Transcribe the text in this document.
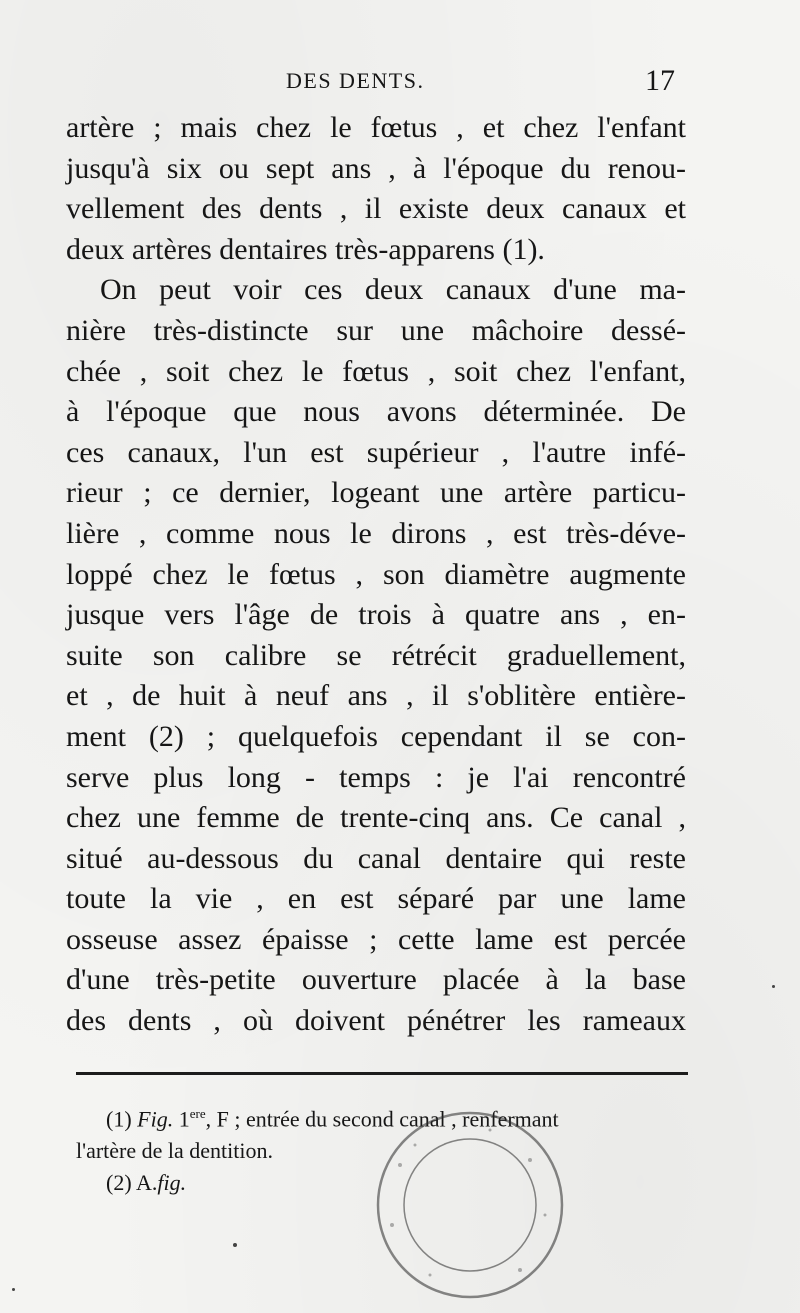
DES DENTS.	17

artère ; mais chez le fœtus , et chez l'enfant
jusqu'à six ou sept ans , à l'époque du renou-
vellement des dents , il existe deux canaux et
deux artères dentaires très-apparens (1).
On peut voir ces deux canaux d'une ma-
nière très-distincte sur une mâchoire dessé-
chée , soit chez le fœtus , soit chez l'enfant,
à l'époque que nous avons déterminée. De
ces canaux, l'un est supérieur , l'autre infé-
rieur ; ce dernier, logeant une artère particu-
lière , comme nous le dirons , est très-déve-
loppé chez le fœtus , son diamètre augmente
jusque vers l'âge de trois à quatre ans , en-
suite son calibre se rétrécit graduellement,
et , de huit à neuf ans , il s'oblitère entière-
ment (2) ; quelquefois cependant il se con-
serve plus long - temps : je l'ai rencontré
chez une femme de trente-cinq ans. Ce canal ,
situé au-dessous du canal dentaire qui reste
toute la vie , en est séparé par une lame
osseuse assez épaisse ; cette lame est percée
d'une très-petite ouverture placée à la base
des dents , où doivent pénétrer les rameaux

(1) Fig. 1ere, F ; entrée du second canal , renfermant
l'artère de la dentition.
(2) A.fig.
